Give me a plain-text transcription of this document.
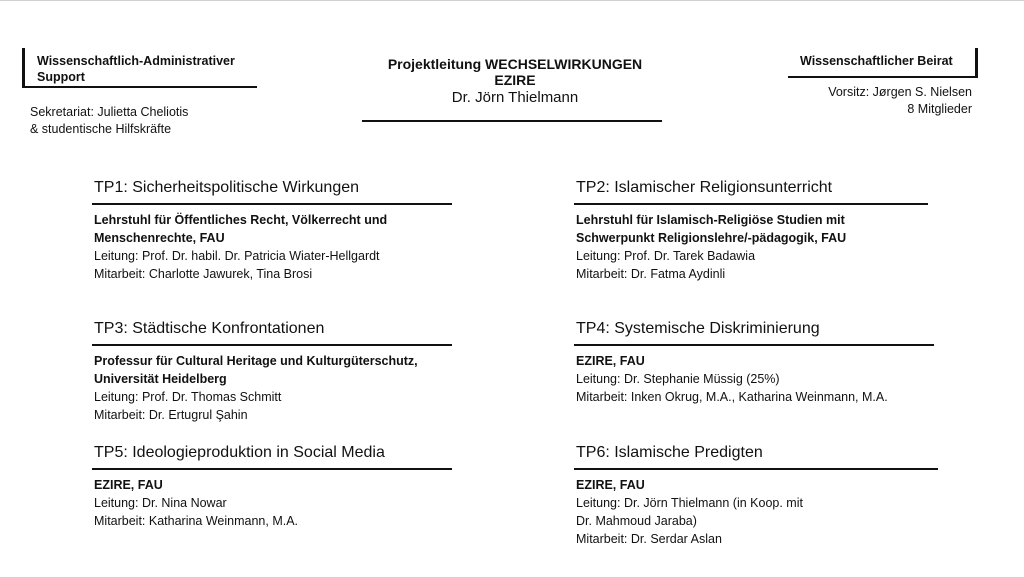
Wissenschaftlich-Administrativer
Support
Sekretariat: Julietta Cheliotis
& studentische Hilfskräfte
Projektleitung WECHSELWIRKUNGEN
EZIRE
Dr. Jörn Thielmann
Wissenschaftlicher Beirat
Vorsitz: Jørgen S. Nielsen
8 Mitglieder
TP1: Sicherheitspolitische Wirkungen
Lehrstuhl für Öffentliches Recht, Völkerrecht und
Menschenrechte, FAU
Leitung: Prof. Dr. habil. Dr. Patricia Wiater-Hellgardt
Mitarbeit: Charlotte Jawurek, Tina Brosi
TP2: Islamischer Religionsunterricht
Lehrstuhl für Islamisch-Religiöse Studien mit
Schwerpunkt Religionslehre/-pädagogik, FAU
Leitung: Prof. Dr. Tarek Badawia
Mitarbeit: Dr. Fatma Aydinli
TP3: Städtische Konfrontationen
Professur für Cultural Heritage und Kulturgüterschutz,
Universität Heidelberg
Leitung: Prof. Dr. Thomas Schmitt
Mitarbeit: Dr. Ertugrul Şahin
TP4: Systemische Diskriminierung
EZIRE, FAU
Leitung: Dr. Stephanie Müssig (25%)
Mitarbeit: Inken Okrug, M.A., Katharina Weinmann, M.A.
TP5: Ideologieproduktion in Social Media
EZIRE, FAU
Leitung: Dr. Nina Nowar
Mitarbeit: Katharina Weinmann, M.A.
TP6: Islamische Predigten
EZIRE, FAU
Leitung: Dr. Jörn Thielmann (in Koop. mit
Dr. Mahmoud Jaraba)
Mitarbeit: Dr. Serdar Aslan
